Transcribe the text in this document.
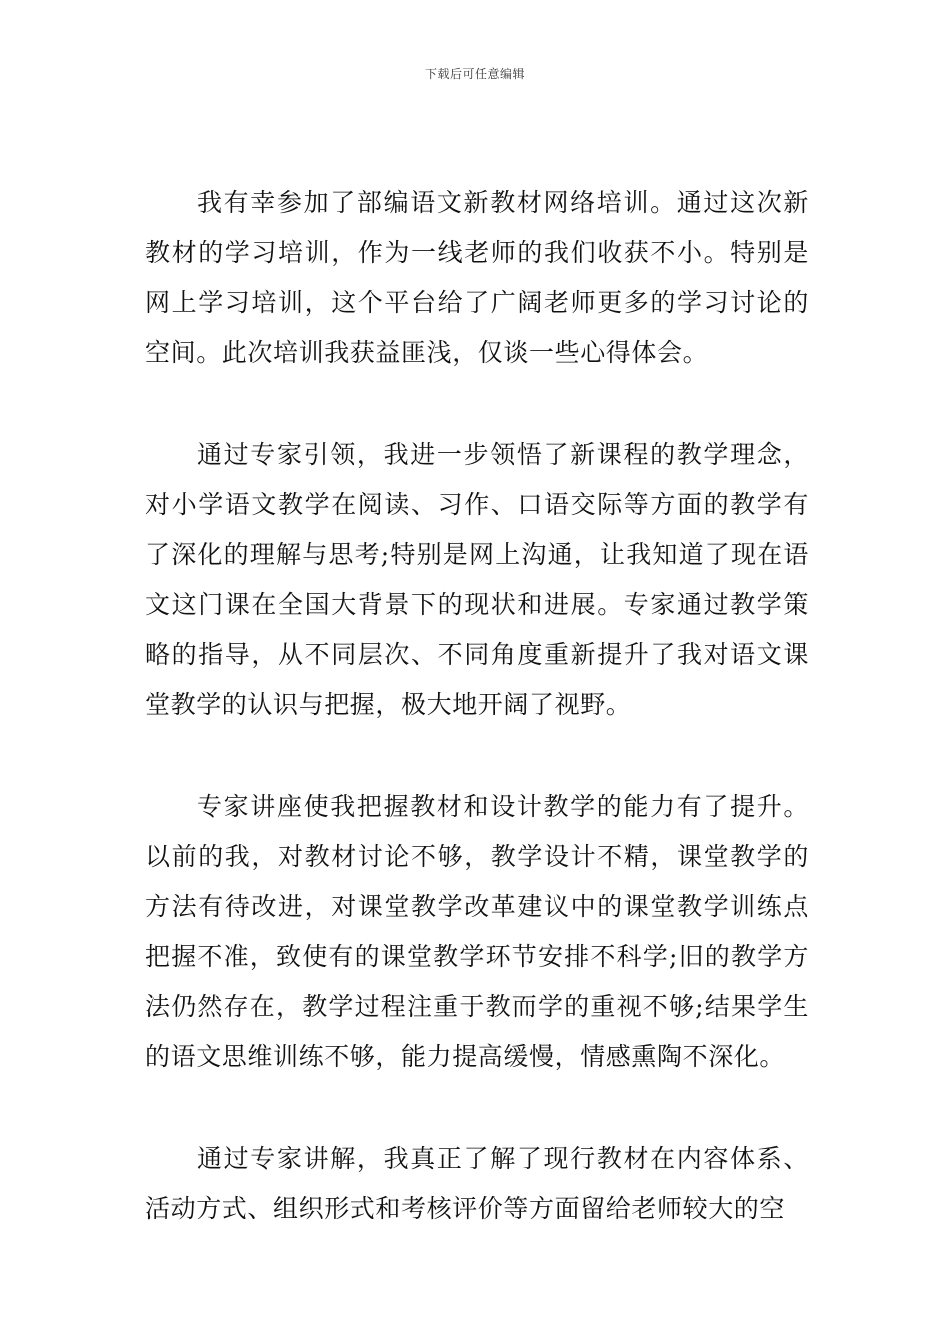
下载后可任意编辑

我有幸参加了部编语文新教材网络培训。通过这次新教材的学习培训，作为一线老师的我们收获不小。特别是网上学习培训，这个平台给了广阔老师更多的学习讨论的空间。此次培训我获益匪浅，仅谈一些心得体会。

通过专家引领，我进一步领悟了新课程的教学理念，对小学语文教学在阅读、习作、口语交际等方面的教学有了深化的理解与思考;特别是网上沟通，让我知道了现在语文这门课在全国大背景下的现状和进展。专家通过教学策略的指导，从不同层次、不同角度重新提升了我对语文课堂教学的认识与把握，极大地开阔了视野。

专家讲座使我把握教材和设计教学的能力有了提升。以前的我，对教材讨论不够，教学设计不精，课堂教学的方法有待改进，对课堂教学改革建议中的课堂教学训练点把握不准，致使有的课堂教学环节安排不科学;旧的教学方法仍然存在，教学过程注重于教而学的重视不够;结果学生的语文思维训练不够，能力提高缓慢，情感熏陶不深化。

通过专家讲解，我真正了解了现行教材在内容体系、活动方式、组织形式和考核评价等方面留给老师较大的空
